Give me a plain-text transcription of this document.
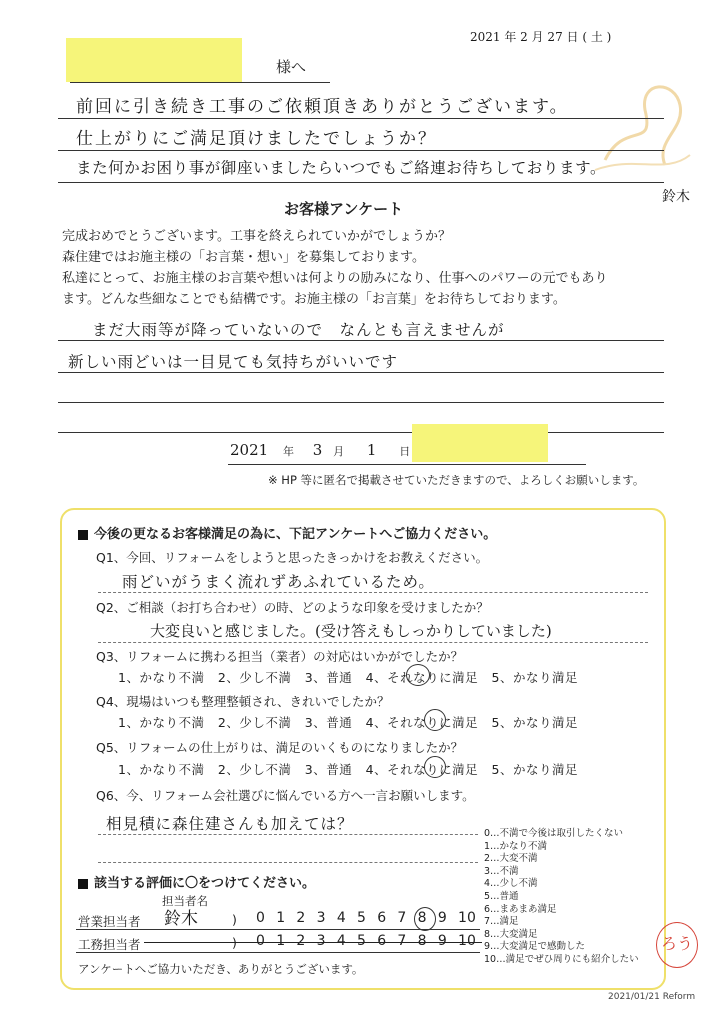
2021 年 2 月 27 日 ( 土 )
様へ
前回に引き続き工事のご依頼頂きありがとうございます。
仕上がりにご満足頂けましたでしょうか？
また何かお困り事が御座いましたらいつでもご絡連お待ちしております。
鈴木
お客様アンケート
完成おめでとうございます。工事を終えられていかがでしょうか？
森住建ではお施主様の「お言葉・想い」を募集しております。
私達にとって、お施主様のお言葉や想いは何よりの励みになり、仕事へのパワーの元でもあり
ます。どんな些細なことでも結構です。お施主様の「お言葉」をお待ちしております。
まだ大雨等が降っていないので　なんとも言えませんが
新しい雨どいは一目見ても気持ちがいいです
2021 年 3 月 1 日
※ HP 等に匿名で掲載させていただきますので、よろしくお願いします。
今後の更なるお客様満足の為に、下記アンケートへご協力ください。
Q1、今回、リフォームをしようと思ったきっかけをお教えください。
雨どいがうまく流れずあふれているため。
Q2、ご相談（お打ち合わせ）の時、どのような印象を受けましたか？
大変良いと感じました。(受け答えもしっかりしていました)
Q3、リフォームに携わる担当（業者）の対応はいかがでしたか？
1、かなり不満 2、少し不満 3、普通 4、それなりに満足 5、かなり満足
Q4、現場はいつも整理整頓され、きれいでしたか？
1、かなり不満 2、少し不満 3、普通 4、それなりに満足 5、かなり満足
Q5、リフォームの仕上がりは、満足のいくものになりましたか？
1、かなり不満 2、少し不満 3、普通 4、それなりに満足 5、かなり満足
Q6、今、リフォーム会社選びに悩んでいる方へ一言お願いします。
相見積に森住建さんも加えては？
0…不満で今後は取引したくない
1…かなり不満
2…大変不満
3…不満
4…少し不満
5…普通
6…まあまあ満足
7…満足
8…大変満足
9…大変満足で感動した
10…満足でぜひ周りにも紹介したい
該当する評価に〇をつけてください。
担当者名
営業担当者 鈴木	) 0 1 2 3 4 5 6 7 8 9 10
工務担当者	) 0 1 2 3 4 5 6 7 8 9 10
アンケートへご協力いただき、ありがとうございます。
ろう
2021/01/21 Reform
